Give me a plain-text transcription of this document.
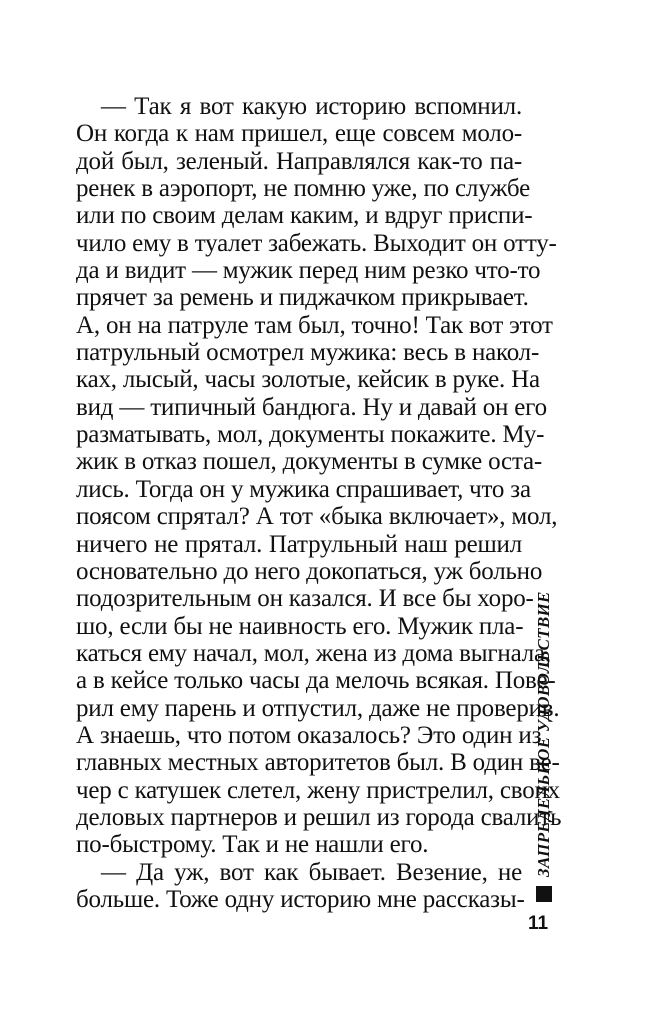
— Так я вот какую историю вспомнил.
Он когда к нам пришел, еще совсем моло-
дой был, зеленый. Направлялся как-то па-
ренек в аэропорт, не помню уже, по службе
или по своим делам каким, и вдруг приспи-
чило ему в туалет забежать. Выходит он отту-
да и видит — мужик перед ним резко что-то
прячет за ремень и пиджачком прикрывает.
А, он на патруле там был, точно! Так вот этот
патрульный осмотрел мужика: весь в накол-
ках, лысый, часы золотые, кейсик в руке. На
вид — типичный бандюга. Ну и давай он его
разматывать, мол, документы покажите. Му-
жик в отказ пошел, документы в сумке оста-
лись. Тогда он у мужика спрашивает, что за
поясом спрятал? А тот «быка включает», мол,
ничего не прятал. Патрульный наш решил
основательно до него докопаться, уж больно
подозрительным он казался. И все бы хоро-
шо, если бы не наивность его. Мужик пла-
каться ему начал, мол, жена из дома выгнала,
а в кейсе только часы да мелочь всякая. Пове-
рил ему парень и отпустил, даже не проверив.
А знаешь, что потом оказалось? Это один из
главных местных авторитетов был. В один ве-
чер с катушек слетел, жену пристрелил, своих
деловых партнеров и решил из города свалить
по-быстрому. Так и не нашли его.
— Да уж, вот как бывает. Везение, не
больше. Тоже одну историю мне рассказы-
ЗАПРЕДЕЛЬНОЕ УДОВОЛЬСТВИЕ
11
